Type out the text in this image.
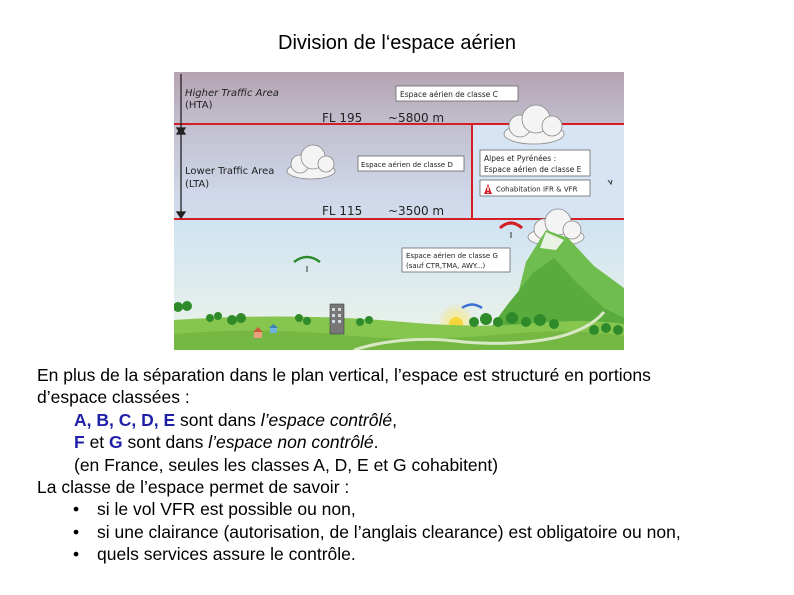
Division de l‘espace aérien
Higher Traffic Area
(HTA)
Lower Traffic Area
(LTA)
FL 195 ~5800 m
FL 115 ~3500 m
Espace aérien de classe C
Espace aérien de classe D
Alpes et Pyrénées :
Espace aérien de classe E
Cohabitation IFR & VFR
Espace aérien de classe G
(sauf CTR,TMA, AWY...)
En plus de la séparation dans le plan vertical, l’espace est structuré en portions
d’espace classées :
A, B, C, D, E sont dans l’espace contrôlé,
F et G sont dans l’espace non contrôlé.
(en France, seules les classes A, D, E et G cohabitent)
La classe de l’espace permet de savoir :
• si le vol VFR est possible ou non,
• si une clairance (autorisation, de l’anglais clearance) est obligatoire ou non,
• quels services assure le contrôle.
